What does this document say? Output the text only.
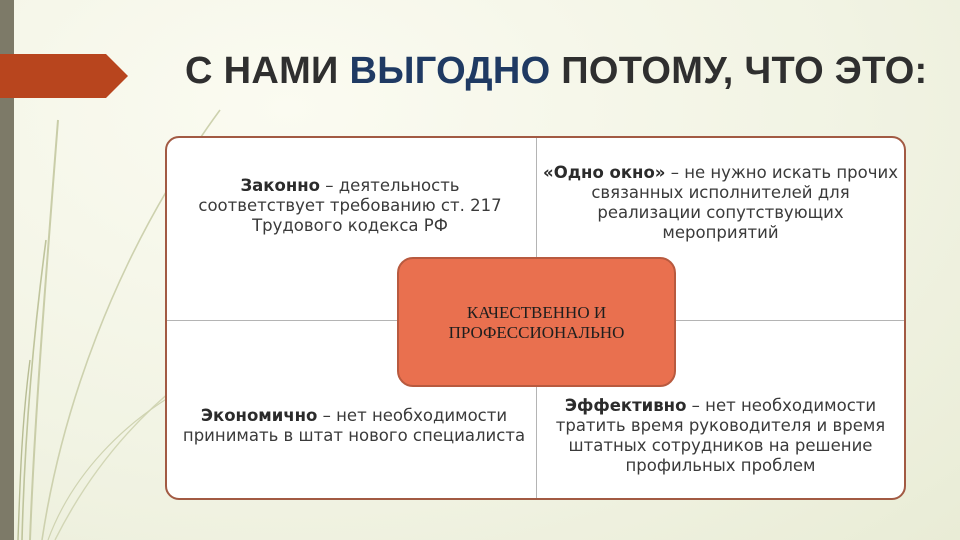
С НАМИ ВЫГОДНО ПОТОМУ, ЧТО ЭТО:
Законно – деятельность соответствует требованию ст. 217 Трудового кодекса РФ
«Одно окно» – не нужно искать прочих связанных исполнителей для реализации сопутствующих мероприятий
Экономично – нет необходимости принимать в штат нового специалиста
Эффективно – нет необходимости тратить время руководителя и время штатных сотрудников на решение профильных проблем
КАЧЕСТВЕННО И
ПРОФЕССИОНАЛЬНО
